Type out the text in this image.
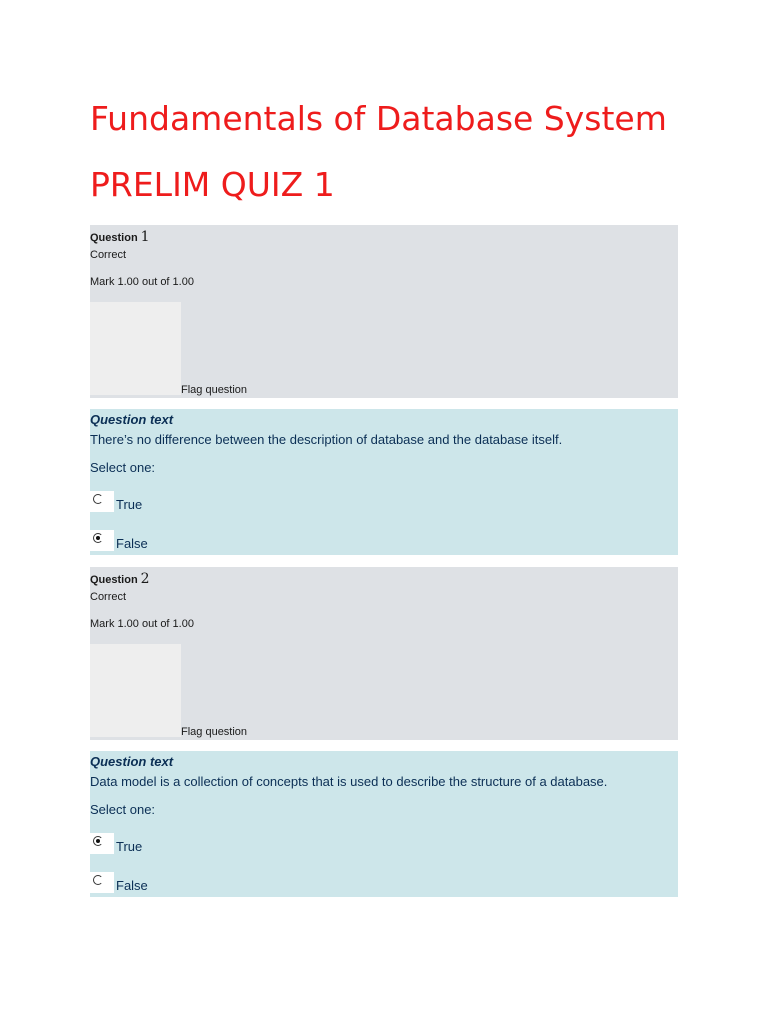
Fundamentals of Database System
PRELIM QUIZ 1
Question 1
Correct
Mark 1.00 out of 1.00
Flag question
Question text
There’s no difference between the description of database and the database itself.
Select one:
True
False
Question 2
Correct
Mark 1.00 out of 1.00
Flag question
Question text
Data model is a collection of concepts that is used to describe the structure of a database.
Select one:
True
False
